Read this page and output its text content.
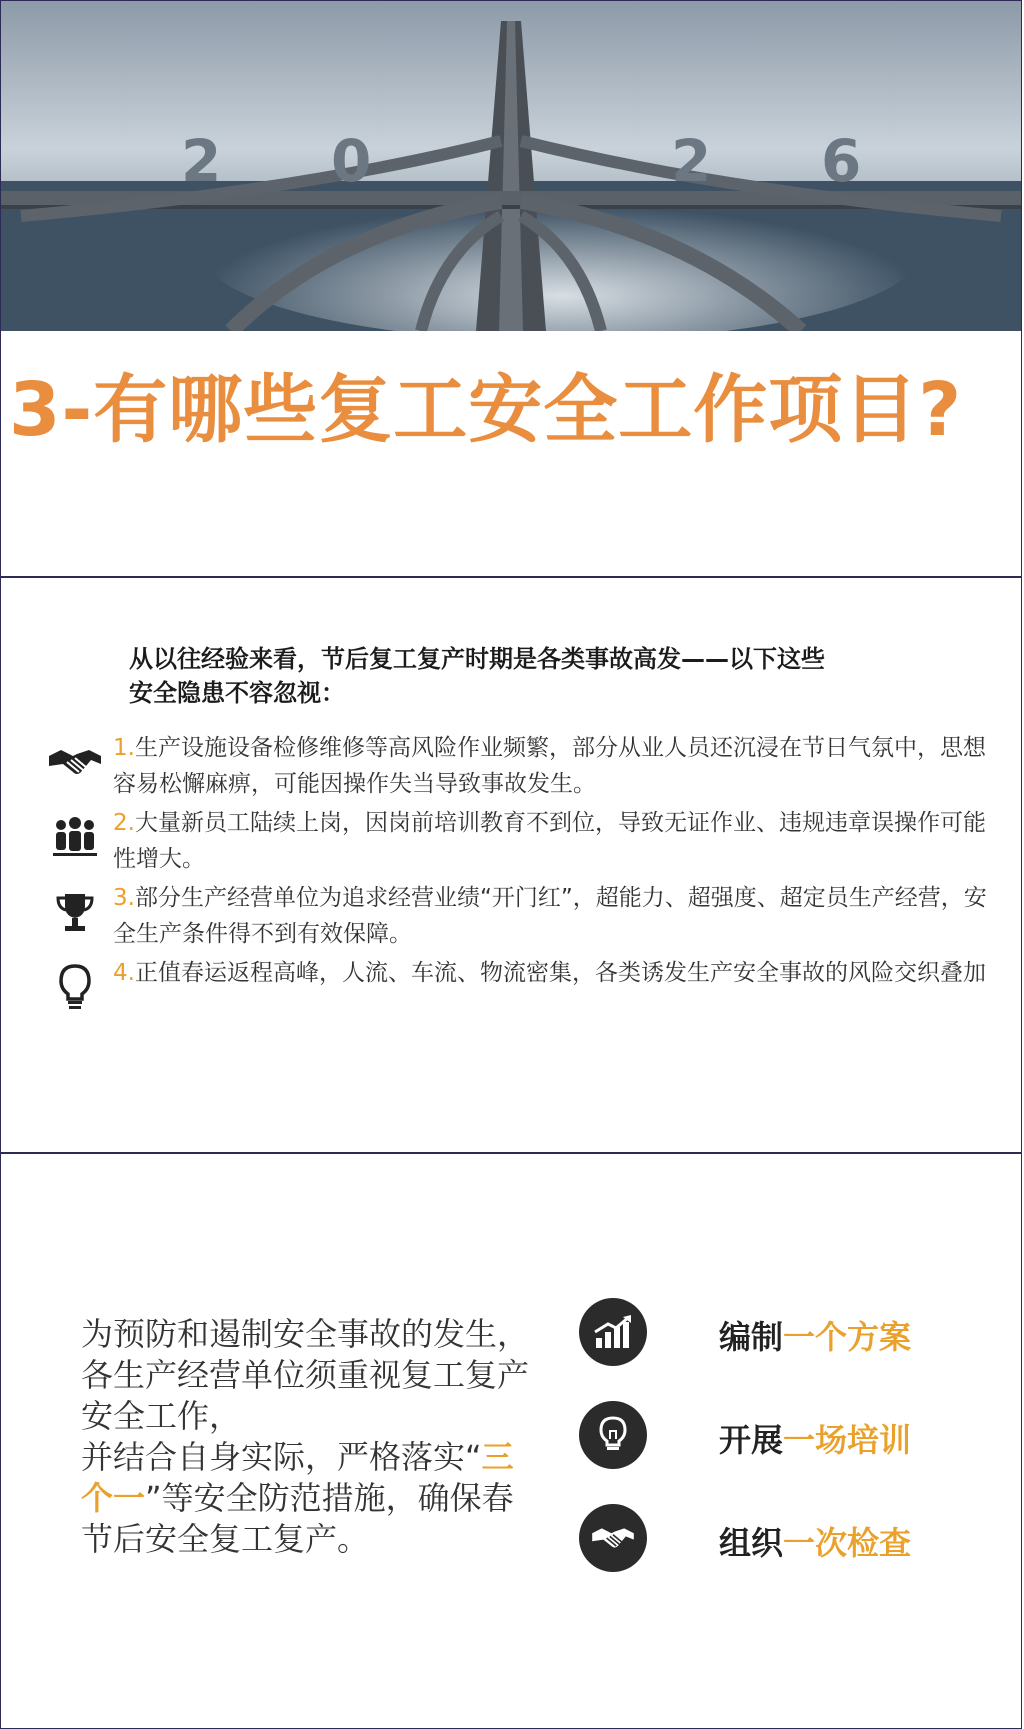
2 0	2 6
3-有哪些复工安全工作项目?
从以往经验来看，节后复工复产时期是各类事故高发——以下这些
安全隐患不容忽视：
1.生产设施设备检修维修等高风险作业频繁，部分从业人员还沉浸在节日气氛中，思想容易松懈麻痹，可能因操作失当导致事故发生。
2.大量新员工陆续上岗，因岗前培训教育不到位，导致无证作业、违规违章误操作可能性增大。
3.部分生产经营单位为追求经营业绩“开门红”，超能力、超强度、超定员生产经营，安全生产条件得不到有效保障。
4.正值春运返程高峰，人流、车流、物流密集，各类诱发生产安全事故的风险交织叠加
为预防和遏制安全事故的发生，
各生产经营单位须重视复工复产安全工作，
并结合自身实际，严格落实“三个一”等安全防范措施，确保春节后安全复工复产。
编制一个方案
开展一场培训
组织一次检查
